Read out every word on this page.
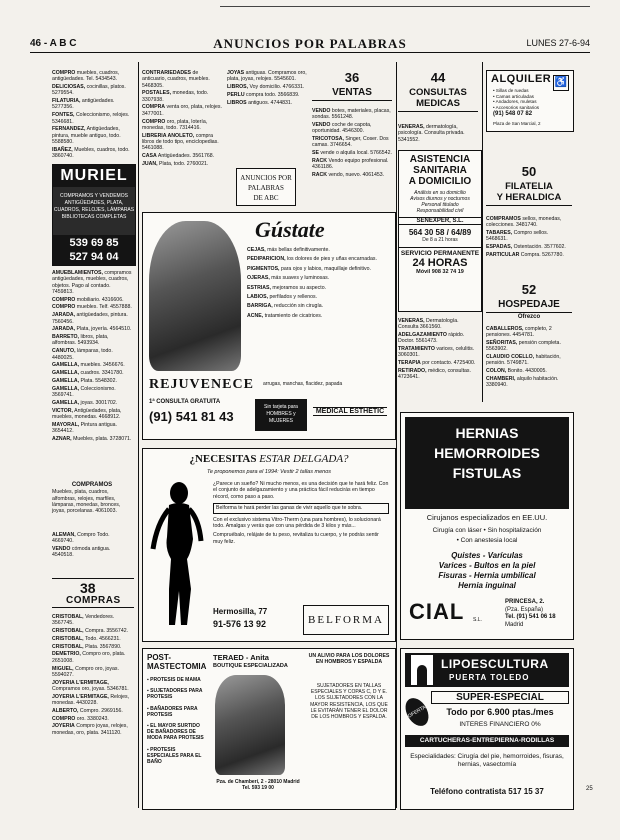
46 - A B C	ANUNCIOS POR PALABRAS	LUNES 27-6-94

COMPRO muebles, cuadros, antigüedades. Tel. 5434543.

DELICIOSAS, cocinillas, platos. 5279554.

FILATURIA, antigüedades. 5277356.

FONTES, Coleccionismo, relojes. 5346681.

FERNANDEZ, Antigüedades, pintura, mueble antiguo, todo. 5588580.

IBAÑEZ, Muebles, cuadros, todo. 3860740.

MURIEL
COMPRAMOS Y VENDEMOS
ANTIGÜEDADES, PLATA,
CUADROS, RELOJES, LÁMPARAS
BIBLIOTECAS COMPLETAS
539 69 85
527 94 04

AMUEBLAMIENTOS, compramos antigüedades, muebles, cuadros, objetos. Pago al contado. 7459813.

COMPRO mobiliario. 4316606.

COMPRO muebles. Telf. 4557888.

JARADA, antigüedades, pintura. 7560456.

JARADA, Plata, joyería. 4564510.

BARRETO, libros, plata, alfombras. 5493934.

CANUTO, lámparas, todo. 4480025.

GAMELLA, muebles. 3456676.

GAMELLA, cuadros. 3341780.

GAMELLA, Plata. 5548302.

GAMELLA, Coleccionismo. 3569741.

GAMELLA, joyas. 3001702.

VICTOR, Antigüedades, plata, muebles, monedas. 4668912.

MAYORAL, Pintura antigua. 3654412.

AZNAR, Muebles, plata. 3728071.

COMPRAMOS

Muebles, plata, cuadros, alfombras, relojes, marfiles, lámparas, monedas, bronces, joyas, porcelanas. 4061003.

ALEMAN, Compro Todo. 4669740.

VENDO cómoda antigua. 4540518.

38
COMPRAS

CRISTOBAL, Vendedores. 3567745.

CRISTOBAL, Compra. 3556742.

CRISTOBAL, Todo. 4566231.

CRISTOBAL, Plata. 3567890.

DEMETRIO, Compro oro, plata. 2651008.

MIGUEL, Compro oro, joyas. 5594027.

JOYERIA L'ERMITAGE, Compramos oro, joyas. 5346781.

JOYERIA L'ERMITAGE, Relojes, monedas. 4430228.

ALBERTO, Compro. 2969156.

COMPRO oro. 3380243.

JOYERIA Compro joyas, relojes, monedas, oro, plata. 3411120.

CONTRARIEDADES de anticuario, cuadros, muebles. 5468305.

POSTALES, monedas, todo. 3307938.

COMPRA venta oro, plata, relojes. 3477001.

COMPRO oro, plata, lotería, monedas, todo. 7314416.

LIBRERIA ANOLETO, compra libros de todo tipo, enciclopedias. 5461088.

CASA Antigüedades. 3561768.

JUAN, Plata, todo. 2760021.

JOYAS antiguas. Compramos oro, plata, joyas, relojes. 5545601.

LIBROS, Voy domicilio. 4766331.

PERLU compra todo. 3566839.

LIBROS antiguos. 4744831.

ANUNCIOS POR
PALABRAS
DE ABC
36
VENTAS

VENDO botes, materiales, placas, sondas. 5561248.

VENDO coche de capota, oportunidad. 4546300.

TRICOTOSA, Singer, Coser. Dos camas. 3746654.

SE vende o alquila local. 5766542.

RACK Vendo equipo profesional. 4361186.

RACK vendo, nuevo. 4061453.

44
CONSULTAS
MEDICAS

VENERAS, dermatología, psicología. Consulta privada. 5341552.

ASISTENCIA
SANITARIA
A DOMICILIO
Análisis en su domicilio
Avisos diurnos y nocturnos
Personal titulado
Responsabilidad civil
SENEXPER, S.L.
564 30 58 / 64/89
De 8 a 21 horas
SERVICIO PERMANENTE
24 HORAS
Móvil 908 32 74 19

VENERAS, Dermatología. Consulta 3661560.

ADELGAZAMIENTO rápido. Doctor. 5561473.

TRATAMIENTO varices, celulitis. 3060301.

TERAPIA por contacto. 4725400.

RETIRADO, médico, consultas. 4723641.

ALQUILER ♿
• Sillas de ruedas
• Camas articuladas
• Andadores, muletas
• Accesorios sanitarios
(91) 548 07 82
Plaza de San Marcial, 2
50
FILATELIA
Y HERALDICA

COMPRAMOS sellos, monedas, colecciones. 3481740.

TABARES, Compro sellos. 5468631.

ESPADAS, Ostentación. 3577602.

PARTICULAR Compra. 5267780.

52
HOSPEDAJE
Ofrezco

CABALLEROS, completo, 2 pensiones. 4454781.

SEÑORITAS, pensión completa. 5563902.

CLAUDIO COELLO, habitación, pensión. 5749871.

COLON, Bonito. 4430005.

CHAMBERI, alquilo habitación. 3380940.

Gústate

CEJAS, más bellas definitivamente.

PEDIPARICION, los dolores de pies y uñas encarnadas.

PIGMENTOS, para ojos y labios, maquillaje definitivo.

OJERAS, más suaves y luminosas.

ESTRIAS, mejoramos su aspecto.

LABIOS, perfilados y rellenos.

BARRIGA, reducción sin cirugía.

ACNE, tratamiento de cicatrices.

REJUVENECE arrugas, manchas, flacidez, papada
1ª CONSULTA GRATUITA
(91) 541 81 43
Sin tarjeta para HOMBRES y MUJERES
MEDICAL ESTHETIC
¿NECESITAS ESTAR DELGADA?
Te proponemos para el 1994: Vestir 2 tallas menos

¿Parece un sueño? Ni mucho menos, es una decisión que te hará feliz. Con el conjunto de adelgazamiento y una práctica fácil reducirás en tiempo récord, como paso a paso.

Belforma te hará perder las ganas de vivir aquello que te sobra.

Con el exclusivo sistema Vitro-Therm (una para hombres), lo solucionará todo. Amalgas y verás que con una pérdida de 3 kilos y más...

Compruébalo, relájate de tu peso, revitaliza tu cuerpo, y te podrás sentir muy feliz.

Hermosilla, 77
91-576 13 92	BELFORMA
POST- MASTECTOMIA
TERAED - Anita
BOUTIQUE ESPECIALIZADA

▪ PROTESIS DE MAMA

▪ SUJETADORES PARA PROTESIS

▪ BAÑADORES PARA PROTESIS

▪ EL MAYOR SURTIDO DE BAÑADORES DE MODA PARA PROTESIS

▪ PROTESIS ESPECIALES PARA EL BAÑO

Pza. de Chamberí, 2 - 28010 Madrid
Tel. 593 19 00
UN ALIVIO PARA LOS DOLORES EN HOMBROS Y ESPALDA
SUJETADORES EN TALLAS ESPECIALES Y COPAS C, D Y E. LOS SUJETADORES CON LA MAYOR RESISTENCIA, LOS QUE LE EVITARÁN TENER EL DOLOR DE LOS HOMBROS Y ESPALDA.
HERNIAS
HEMORROIDES
FISTULAS
Cirujanos especializados en EE.UU.
Cirugía con láser • Sin hospitalización
• Con anestesia local
Quistes - Varículas
Varices - Bultos en la piel
Fisuras - Hernia umbilical
Hernia inguinal
CIAL S.L.
PRINCESA, 2.
(Pza. España)
Tel. (91) 541 06 18
Madrid
LIPOESCULTURA
PUERTA TOLEDO
OFERTA
SUPER-ESPECIAL
Todo por 6.900 ptas./mes
INTERES FINANCIERO 0%
CARTUCHERAS-ENTREPIERNA-RODILLAS
Especialidades: Cirugía del pie, hemorroides, fisuras, hernias, vasectomía
Teléfono contratista 517 15 37	25
